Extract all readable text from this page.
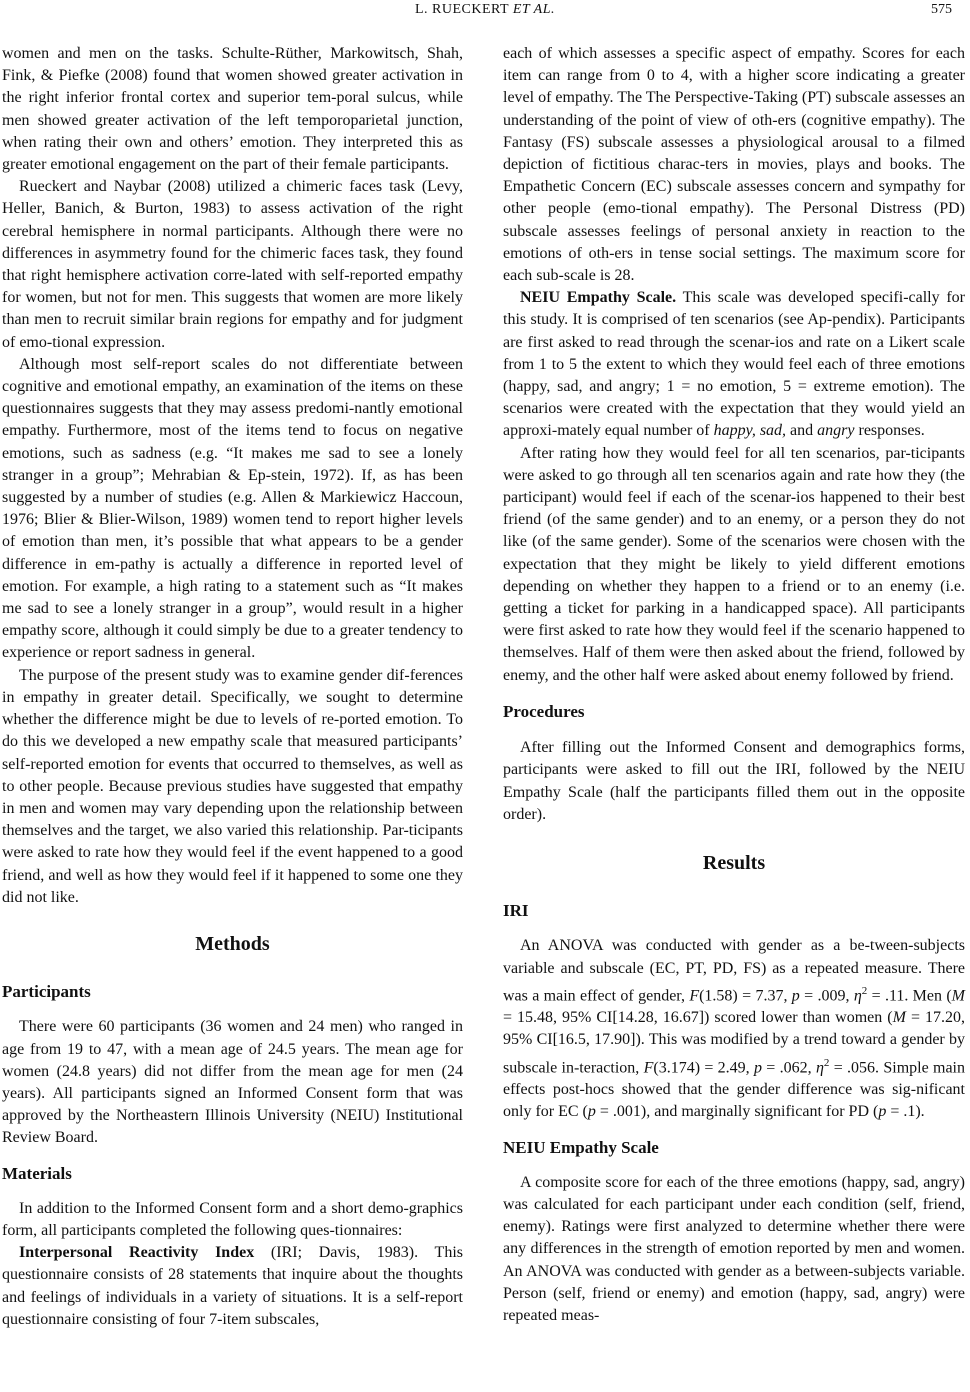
L. RUECKERT ET AL.	575

women and men on the tasks. Schulte-Rüther, Markowitsch, Shah, Fink, & Piefke (2008) found that women showed greater activation in the right inferior frontal cortex and superior tem-poral sulcus, while men showed greater activation of the left temporoparietal junction, when rating their own and others’ emotion. They interpreted this as greater emotional engagement on the part of their female participants.

Rueckert and Naybar (2008) utilized a chimeric faces task (Levy, Heller, Banich, & Burton, 1983) to assess activation of the right cerebral hemisphere in normal participants. Although there were no differences in asymmetry found for the chimeric faces task, they found that right hemisphere activation corre-lated with self-reported empathy for women, but not for men. This suggests that women are more likely than men to recruit similar brain regions for empathy and for judgment of emo-tional expression.

Although most self-report scales do not differentiate between cognitive and emotional empathy, an examination of the items on these questionnaires suggests that they may assess predomi-nantly emotional empathy. Furthermore, most of the items tend to focus on negative emotions, such as sadness (e.g. “It makes me sad to see a lonely stranger in a group”; Mehrabian & Ep-stein, 1972). If, as has been suggested by a number of studies (e.g. Allen & Markiewicz Haccoun, 1976; Blier & Blier-Wilson, 1989) women tend to report higher levels of emotion than men, it’s possible that what appears to be a gender difference in em-pathy is actually a difference in reported level of emotion. For example, a high rating to a statement such as “It makes me sad to see a lonely stranger in a group”, would result in a higher empathy score, although it could simply be due to a greater tendency to experience or report sadness in general.

The purpose of the present study was to examine gender dif-ferences in empathy in greater detail. Specifically, we sought to determine whether the difference might be due to levels of re-ported emotion. To do this we developed a new empathy scale that measured participants’ self-reported emotion for events that occurred to themselves, as well as to other people. Because previous studies have suggested that empathy in men and women may vary depending upon the relationship between themselves and the target, we also varied this relationship. Par-ticipants were asked to rate how they would feel if the event happened to a good friend, and well as how they would feel if it happened to some one they did not like.

Methods
Participants

There were 60 participants (36 women and 24 men) who ranged in age from 19 to 47, with a mean age of 24.5 years. The mean age for women (24.8 years) did not differ from the mean age for men (24 years). All participants signed an Informed Consent form that was approved by the Northeastern Illinois University (NEIU) Institutional Review Board.

Materials

In addition to the Informed Consent form and a short demo-graphics form, all participants completed the following ques-tionnaires:

Interpersonal Reactivity Index (IRI; Davis, 1983). This questionnaire consists of 28 statements that inquire about the thoughts and feelings of individuals in a variety of situations. It is a self-report questionnaire consisting of four 7-item subscales,

each of which assesses a specific aspect of empathy. Scores for each item can range from 0 to 4, with a higher score indicating a greater level of empathy. The The Perspective-Taking (PT) subscale assesses an understanding of the point of view of oth-ers (cognitive empathy). The Fantasy (FS) subscale assesses a physiological arousal to a filmed depiction of fictitious charac-ters in movies, plays and books. The Empathetic Concern (EC) subscale assesses concern and sympathy for other people (emo-tional empathy). The Personal Distress (PD) subscale assesses feelings of personal anxiety in reaction to the emotions of oth-ers in tense social settings. The maximum score for each sub-scale is 28.

NEIU Empathy Scale. This scale was developed specifi-cally for this study. It is comprised of ten scenarios (see Ap-pendix). Participants are first asked to read through the scenar-ios and rate on a Likert scale from 1 to 5 the extent to which they would feel each of three emotions (happy, sad, and angry; 1 = no emotion, 5 = extreme emotion). The scenarios were created with the expectation that they would yield an approxi-mately equal number of happy, sad, and angry responses.

After rating how they would feel for all ten scenarios, par-ticipants were asked to go through all ten scenarios again and rate how they (the participant) would feel if each of the scenar-ios happened to their best friend (of the same gender) and to an enemy, or a person they do not like (of the same gender). Some of the scenarios were chosen with the expectation that they might be likely to yield different emotions depending on whether they happen to a friend or to an enemy (i.e. getting a ticket for parking in a handicapped space). All participants were first asked to rate how they would feel if the scenario happened to themselves. Half of them were then asked about the friend, followed by enemy, and the other half were asked about enemy followed by friend.

Procedures

After filling out the Informed Consent and demographics forms, participants were asked to fill out the IRI, followed by the NEIU Empathy Scale (half the participants filled them out in the opposite order).

Results
IRI

An ANOVA was conducted with gender as a be-tween-subjects variable and subscale (EC, PT, PD, FS) as a repeated measure. There was a main effect of gender, F(1.58) = 7.37, p = .009, $\eta^2 = .11$. Men (M = 15.48, 95% CI[14.28, 16.67]) scored lower than women (M = 17.20, 95% CI[16.5, 17.90]). This was modified by a trend toward a gender by subscale in-teraction, F(3.174) = 2.49, p = .062, $\eta^2 = .056$. Simple main effects post-hocs showed that the gender difference was sig-nificant only for EC (p = .001), and marginally significant for PD (p = .1).

NEIU Empathy Scale

A composite score for each of the three emotions (happy, sad, angry) was calculated for each participant under each condition (self, friend, enemy). Ratings were first analyzed to determine whether there were any differences in the strength of emotion reported by men and women. An ANOVA was conducted with gender as a between-subjects variable. Person (self, friend or enemy) and emotion (happy, sad, angry) were repeated meas-
